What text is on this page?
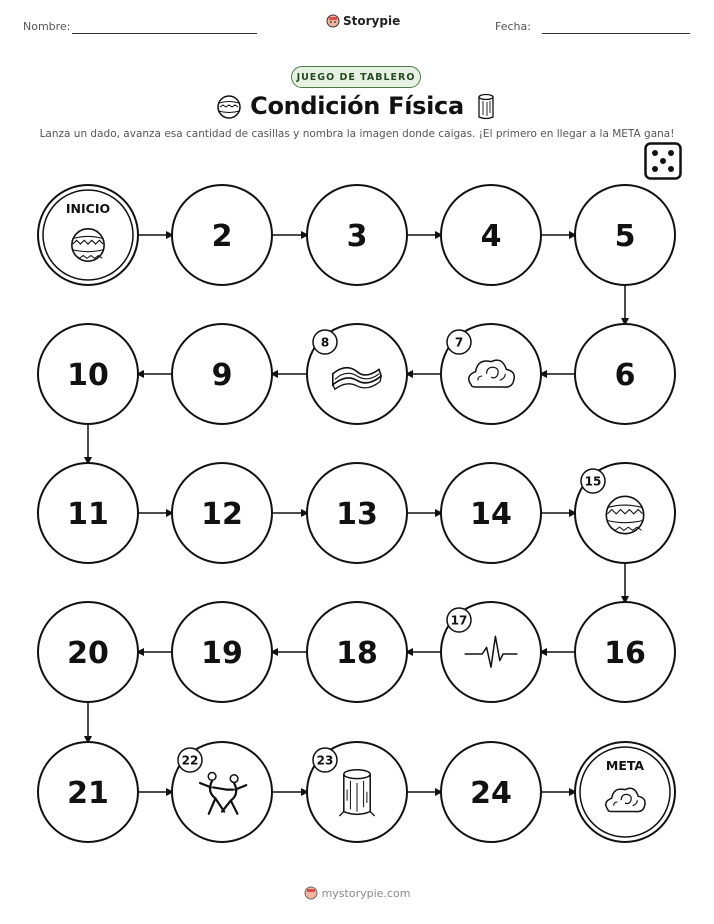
Nombre:	Storypie	Fecha:
JUEGO DE TABLERO
Condición Física
Lanza un dado, avanza esa cantidad de casillas y nombra la imagen donde caigas. ¡El primero en llegar a la META gana!
INICIO
2	3	4	5
6
7
8
9
10
11	12	13	14
15
16
17
18
19
20
21
22	23
24
META
mystorypie.com
